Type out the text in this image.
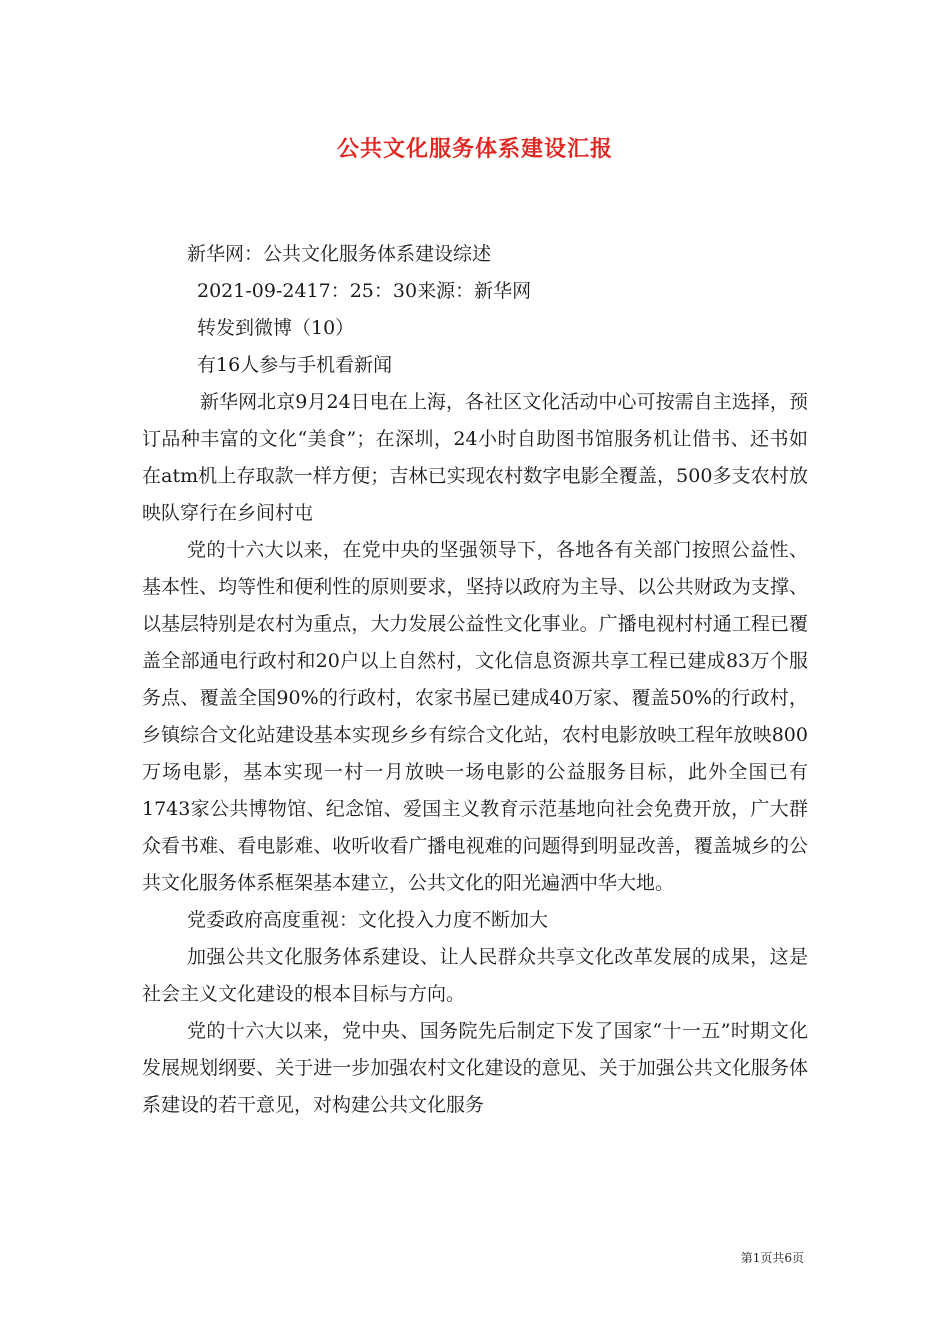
公共文化服务体系建设汇报

新华网：公共文化服务体系建设综述

2021-09-2417：25：30来源：新华网

转发到微博（10）

有16人参与手机看新闻

新华网北京9月24日电在上海，各社区文化活动中心可按需自主选择，预订品种丰富的文化“美食”；在深圳，24小时自助图书馆服务机让借书、还书如在atm机上存取款一样方便；吉林已实现农村数字电影全覆盖，500多支农村放映队穿行在乡间村屯

党的十六大以来，在党中央的坚强领导下，各地各有关部门按照公益性、基本性、均等性和便利性的原则要求，坚持以政府为主导、以公共财政为支撑、以基层特别是农村为重点，大力发展公益性文化事业。广播电视村村通工程已覆盖全部通电行政村和20户以上自然村，文化信息资源共享工程已建成83万个服务点、覆盖全国90%的行政村，农家书屋已建成40万家、覆盖50%的行政村，乡镇综合文化站建设基本实现乡乡有综合文化站，农村电影放映工程年放映800万场电影，基本实现一村一月放映一场电影的公益服务目标，此外全国已有1743家公共博物馆、纪念馆、爱国主义教育示范基地向社会免费开放，广大群众看书难、看电影难、收听收看广播电视难的问题得到明显改善，覆盖城乡的公共文化服务体系框架基本建立，公共文化的阳光遍洒中华大地。

党委政府高度重视：文化投入力度不断加大

加强公共文化服务体系建设、让人民群众共享文化改革发展的成果，这是社会主义文化建设的根本目标与方向。

党的十六大以来，党中央、国务院先后制定下发了国家“十一五”时期文化发展规划纲要、关于进一步加强农村文化建设的意见、关于加强公共文化服务体系建设的若干意见，对构建公共文化服务

第1页共6页
